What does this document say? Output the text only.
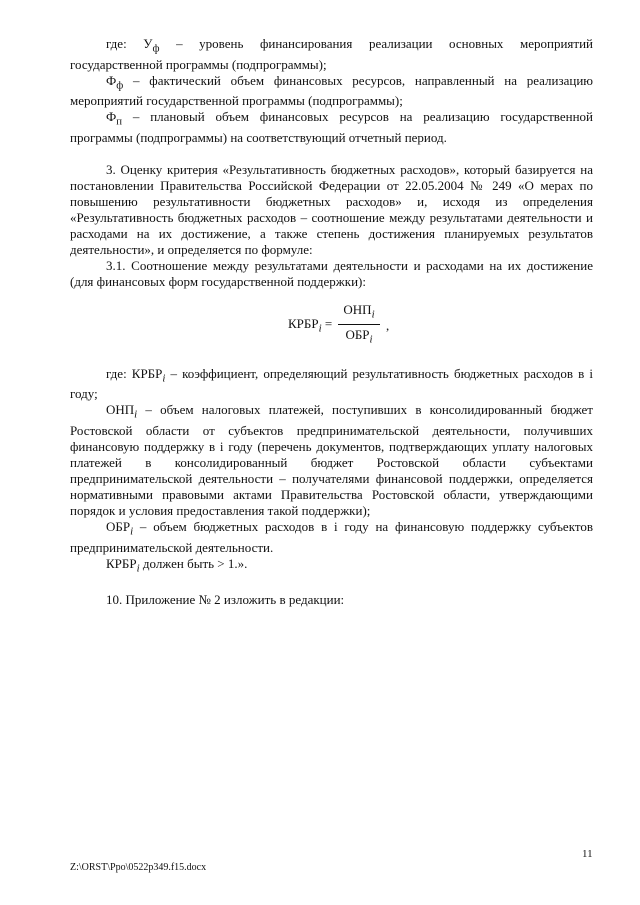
где: $У_ф$ – уровень финансирования реализации основных мероприятий государственной программы (подпрограммы);

$Ф_ф$ – фактический объем финансовых ресурсов, направленный на реализацию мероприятий государственной программы (подпрограммы);

$Ф_п$ – плановый объем финансовых ресурсов на реализацию государственной программы (подпрограммы) на соответствующий отчетный период.

3. Оценку критерия «Результативность бюджетных расходов», который базируется на постановлении Правительства Российской Федерации от 22.05.2004 № 249 «О мерах по повышению результативности бюджетных расходов» и, исходя из определения «Результативность бюджетных расходов – соотношение между результатами деятельности и расходами на их достижение, а также степень достижения планируемых результатов деятельности», и определяется по формуле:

3.1. Соотношение между результатами деятельности и расходами на их достижение (для финансовых форм государственной поддержки):

$КРБР_i$ =
$ОНП_i$
$ОБР_i$
,

где: $КРБР_i$ – коэффициент, определяющий результативность бюджетных расходов в i году;

$ОНП_i$ – объем налоговых платежей, поступивших в консолидированный бюджет Ростовской области от субъектов предпринимательской деятельности, получивших финансовую поддержку в i году (перечень документов, подтверждающих уплату налоговых платежей в консолидированный бюджет Ростовской области субъектами предпринимательской деятельности – получателями финансовой поддержки, определяется нормативными правовыми актами Правительства Ростовской области, утверждающими порядок и условия предоставления такой поддержки);

$ОБР_i$ – объем бюджетных расходов в i году на финансовую поддержку субъектов предпринимательской деятельности.

$КРБР_i$ должен быть > 1.».

10. Приложение № 2 изложить в редакции:

11
Z:\ORST\Ppo\0522p349.f15.docx
